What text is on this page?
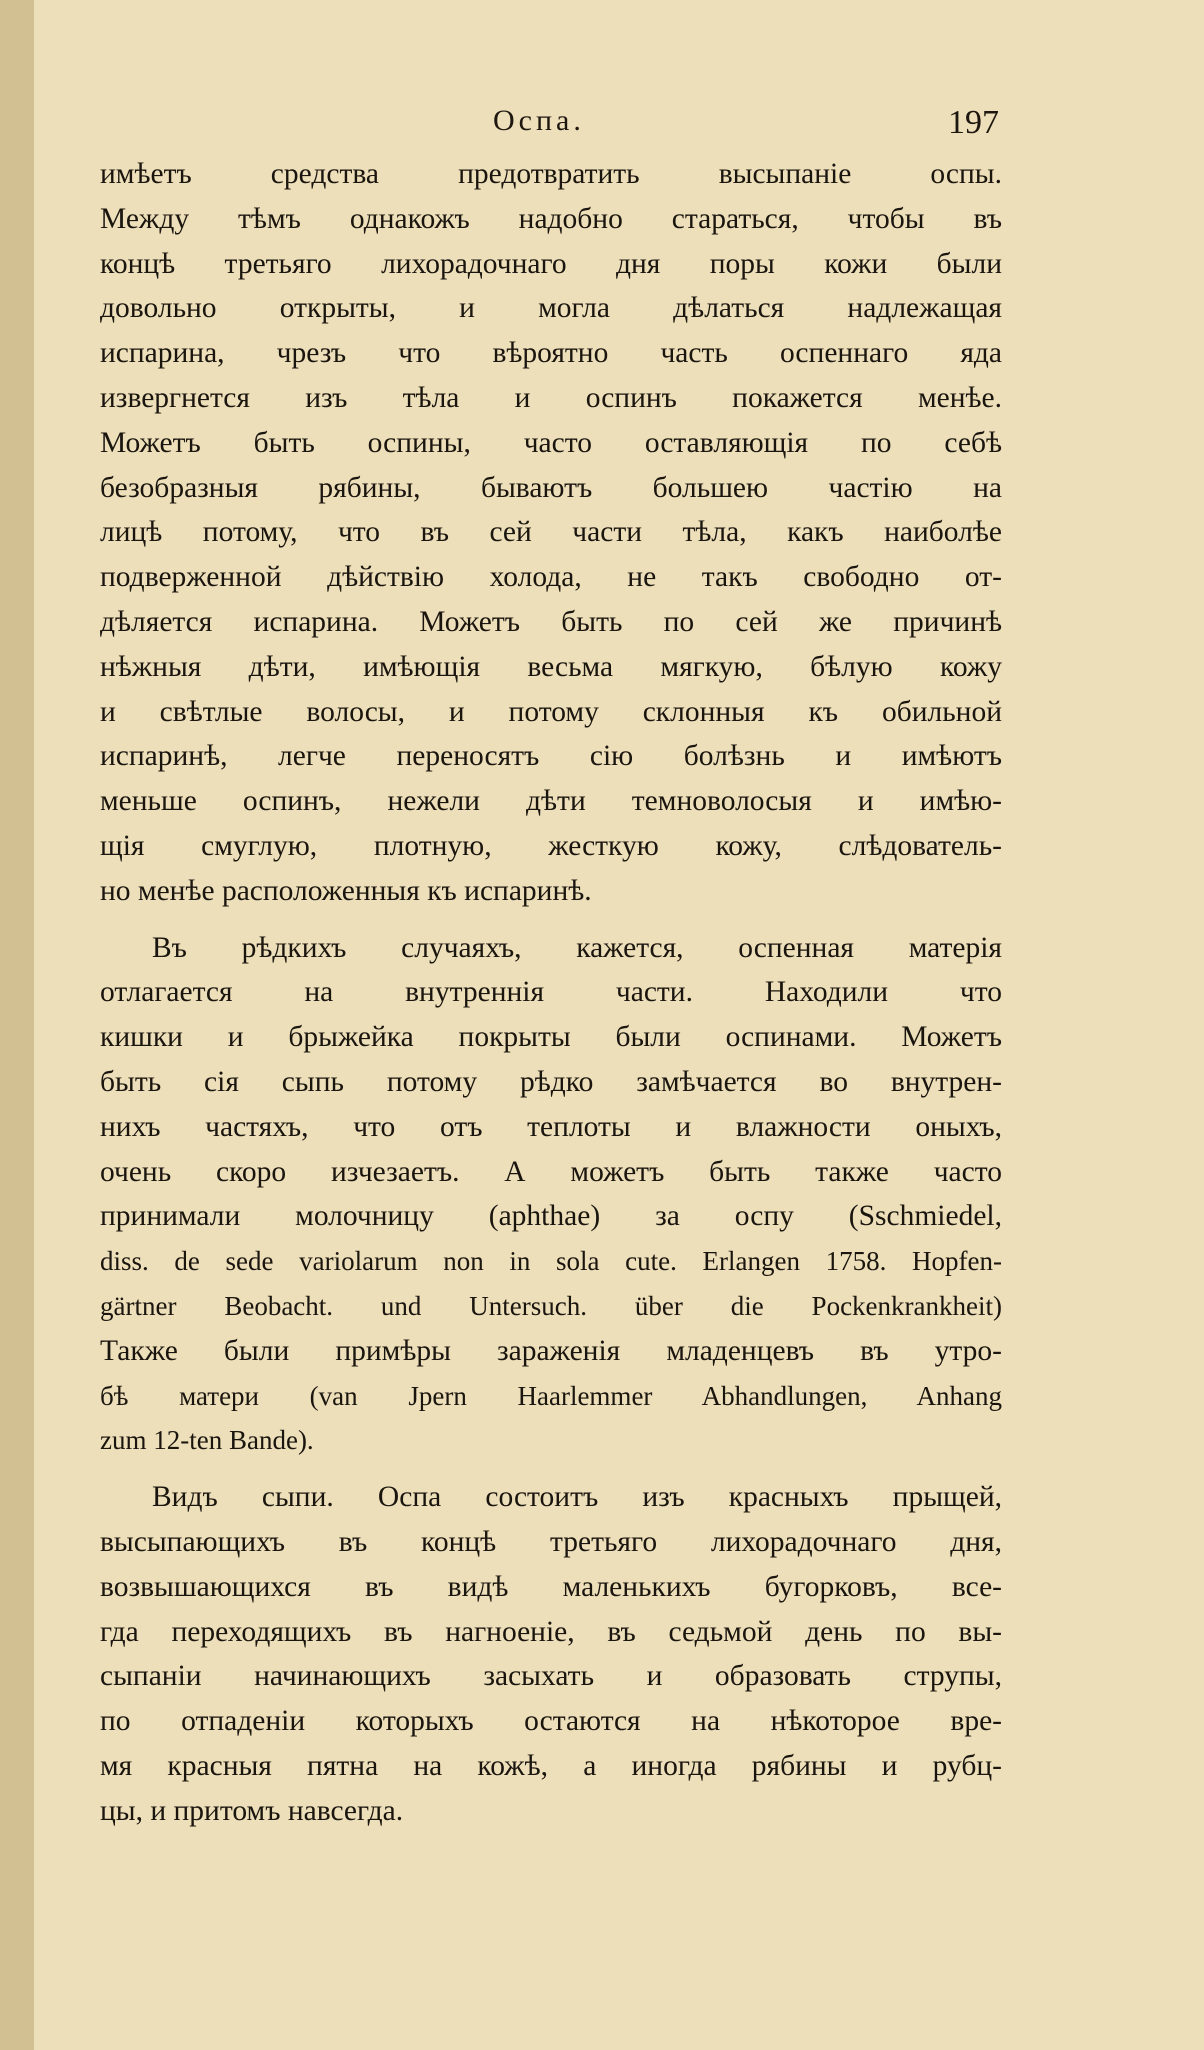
Оспа.	197

имѣетъ средства предотвратить высыпаніе оспы.
Между тѣмъ однакожъ надобно стараться, чтобы въ
концѣ третьяго лихорадочнаго дня поры кожи были
довольно открыты, и могла дѣлаться надлежащая
испарина, чрезъ что вѣроятно часть оспеннаго яда
извергнется изъ тѣла и оспинъ покажется менѣе.
Можетъ быть оспины, часто оставляющія по себѣ
безобразныя рябины, бываютъ большею частію на
лицѣ потому, что въ сей части тѣла, какъ наиболѣе
подверженной дѣйствію холода, не такъ свободно от-
дѣляется испарина. Можетъ быть по сей же причинѣ
нѣжныя дѣти, имѣющія весьма мягкую, бѣлую кожу
и свѣтлые волосы, и потому склонныя къ обильной
испаринѣ, легче переносятъ сію болѣзнь и имѣютъ
меньше оспинъ, нежели дѣти темноволосыя и имѣю-
щія смуглую, плотную, жесткую кожу, слѣдователь-
но менѣе расположенныя къ испаринѣ.

Въ рѣдкихъ случаяхъ, кажется, оспенная матерія
отлагается на внутреннія части. Находили что
кишки и брыжейка покрыты были оспинами. Можетъ
быть сія сыпь потому рѣдко замѣчается во внутрен-
нихъ частяхъ, что отъ теплоты и влажности оныхъ,
очень скоро изчезаетъ. А можетъ быть также часто
принимали молочницу (aphthae) за оспу (Sschmiedel,
diss. de sede variolarum non in sola cute. Erlangen 1758. Hopfen-
gärtner Beobacht. und Untersuch. über die Pockenkrankheit)
Также были примѣры зараженія младенцевъ въ утро-
бѣ матери (van Jpern Haarlemmer Abhandlungen, Anhang
zum 12-ten Bande).

Видъ сыпи. Оспа состоитъ изъ красныхъ прыщей,
высыпающихъ въ концѣ третьяго лихорадочнаго дня,
возвышающихся въ видѣ маленькихъ бугорковъ, все-
гда переходящихъ въ нагноеніе, въ седьмой день по вы-
сыпаніи начинающихъ засыхать и образовать струпы,
по отпаденіи которыхъ остаются на нѣкоторое вре-
мя красныя пятна на кожѣ, а иногда рябины и рубц-
цы, и притомъ навсегда.
